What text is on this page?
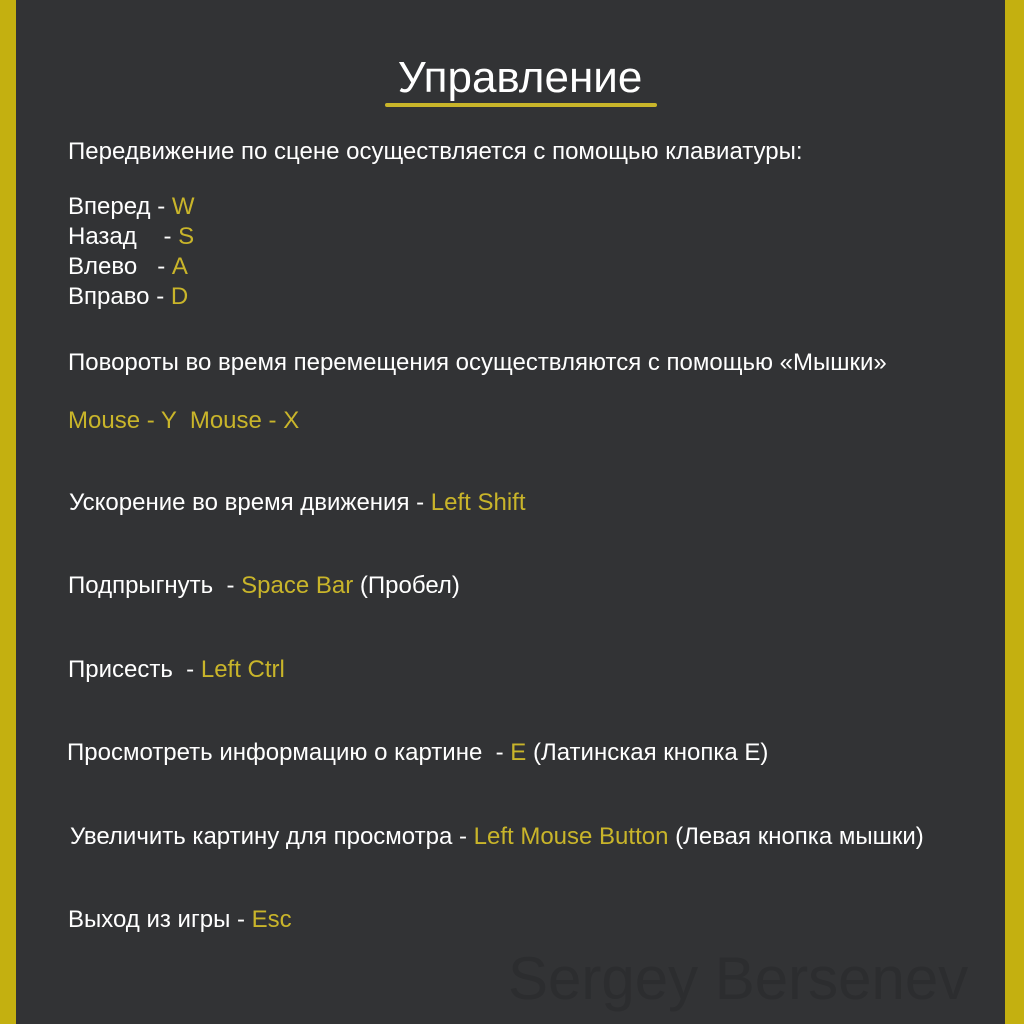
Управление
Передвижение по сцене осуществляется с помощью клавиатуры:
Вперед - W
Назад    - S
Влево   - A
Вправо - D
Повороты во время перемещения осуществляются с помощью «Мышки»
Mouse - Y  Mouse - X
Ускорение во время движения - Left Shift
Подпрыгнуть  - Space Bar (Пробел)
Присесть  - Left Ctrl
Просмотреть информацию о картине  - E (Латинская кнопка E)
Увеличить картину для просмотра - Left Mouse Button (Левая кнопка мышки)
Выход из игры - Esc
Sergey Bersenev
